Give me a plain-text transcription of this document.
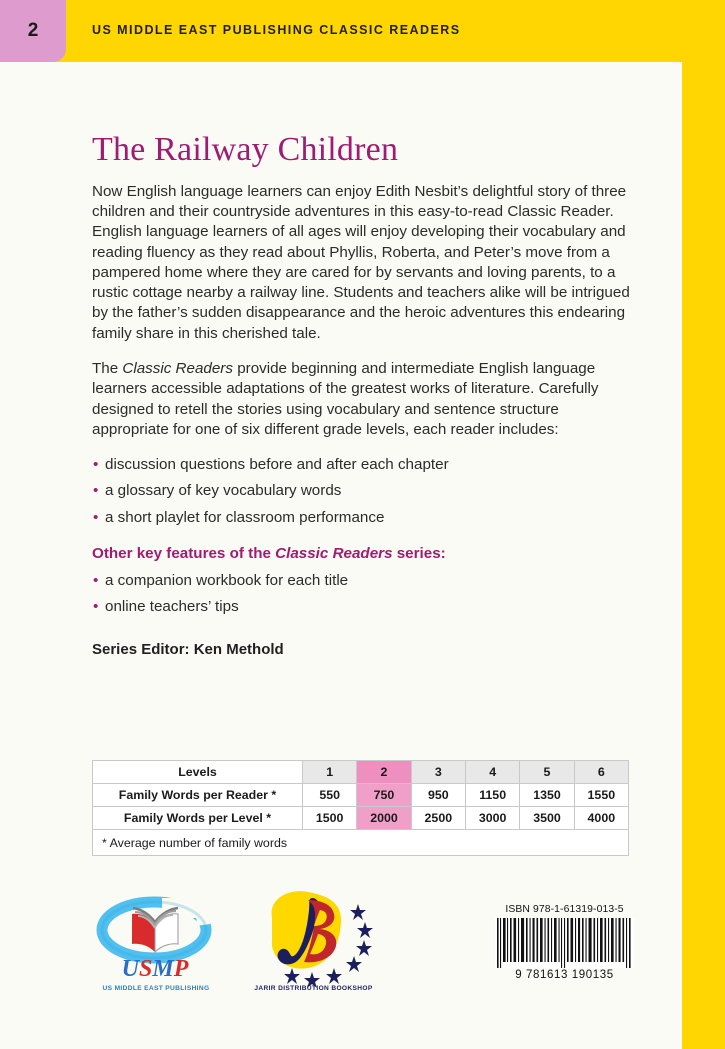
2	US MIDDLE EAST PUBLISHING CLASSIC READERS
The Railway Children

Now English language learners can enjoy Edith Nesbit’s delightful story of three children and their countryside adventures in this easy-to-read Classic Reader. English language learners of all ages will enjoy developing their vocabulary and reading fluency as they read about Phyllis, Roberta, and Peter’s move from a pampered home where they are cared for by servants and loving parents, to a rustic cottage nearby a railway line. Students and teachers alike will be intrigued by the father’s sudden disappearance and the heroic adventures this endearing family share in this cherished tale.

The Classic Readers provide beginning and intermediate English language learners accessible adaptations of the greatest works of literature. Carefully designed to retell the stories using vocabulary and sentence structure appropriate for one of six different grade levels, each reader includes:

• discussion questions before and after each chapter
• a glossary of key vocabulary words
• a short playlet for classroom performance

Other key features of the Classic Readers series:

• a companion workbook for each title
• online teachers’ tips

Series Editor: Ken Methold

Levels	1	2	3	4	5	6
Family Words per Reader *	550	750	950	1150	1350	1550
Family Words per Level *	1500	2000	2500	3000	3500	4000
* Average number of family words						
USMP
US MIDDLE EAST PUBLISHING	JARIR DISTRIBUTION BOOKSHOP
ISBN 978-1-61319-013-5
9 781613 190135
